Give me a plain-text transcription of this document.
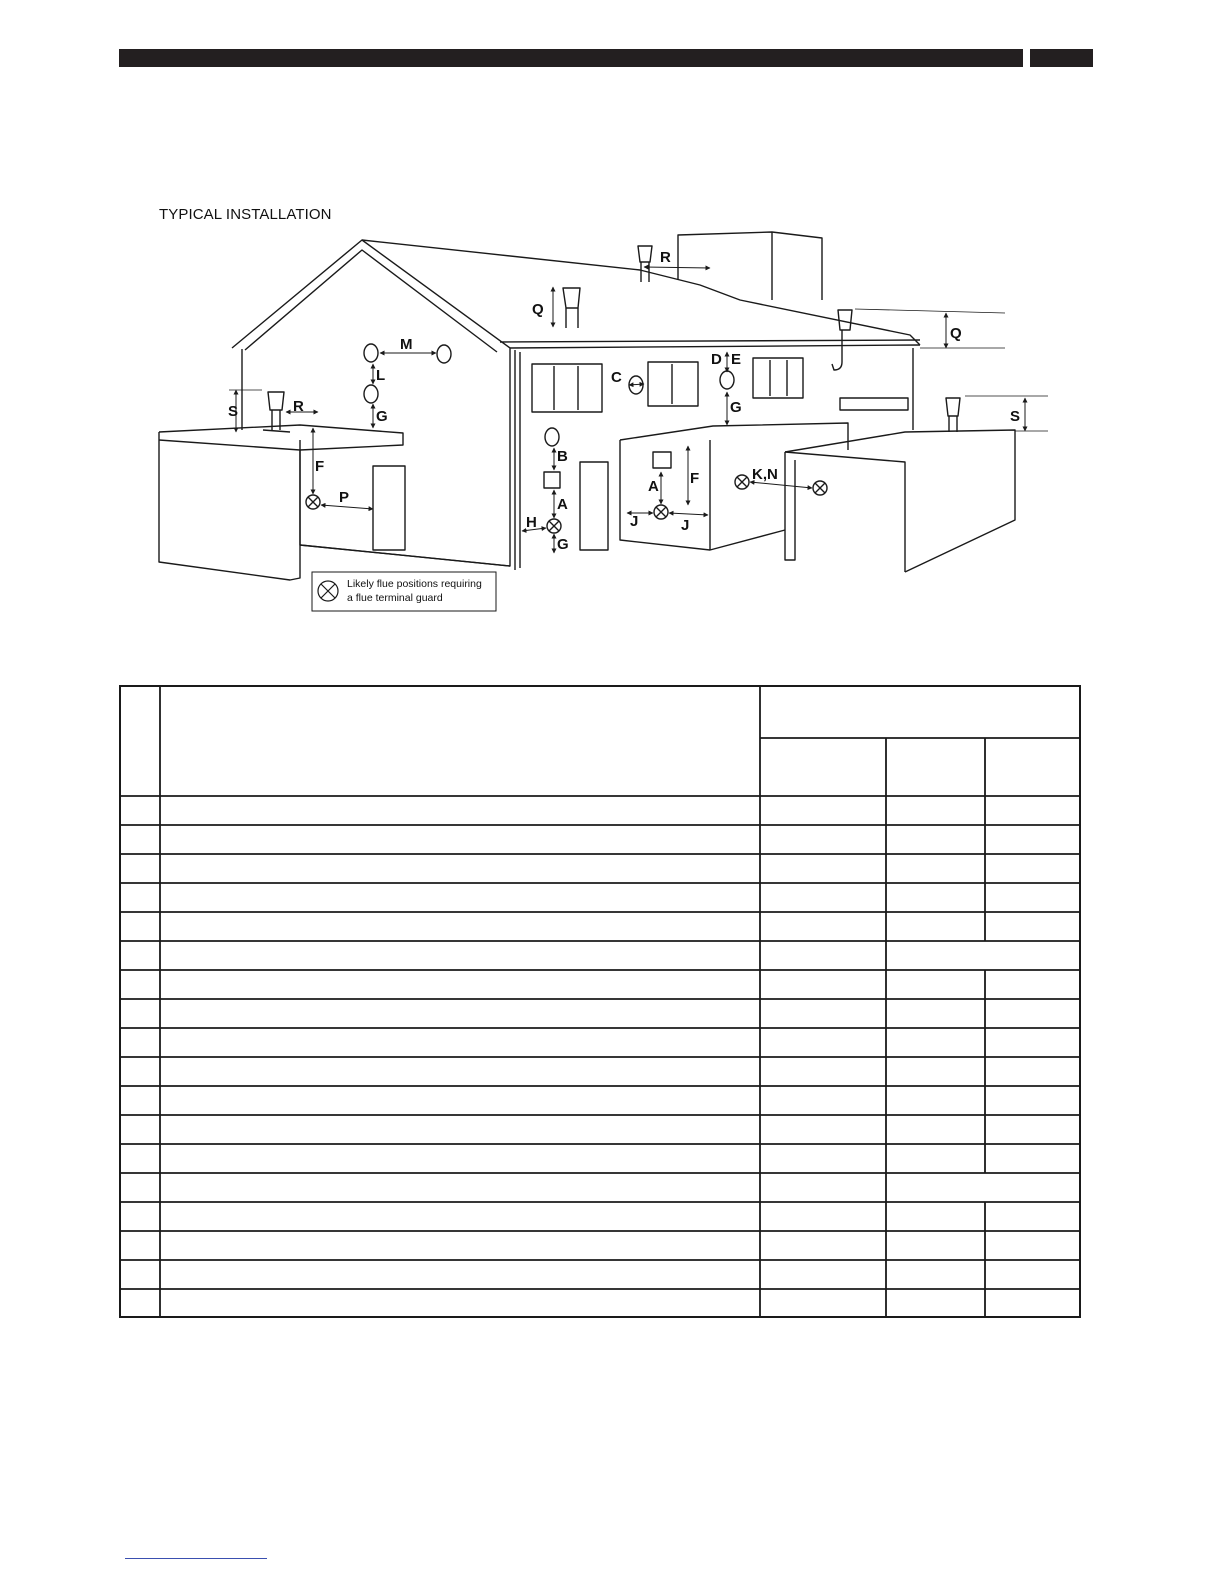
TYPICAL INSTALLATION
S	R
G
L
M
F
P
B
A
G
H
Q
R
C
D E
G
A F
J	J
K,N
Q
S
Likely flue positions requiring
a flue terminal guard
